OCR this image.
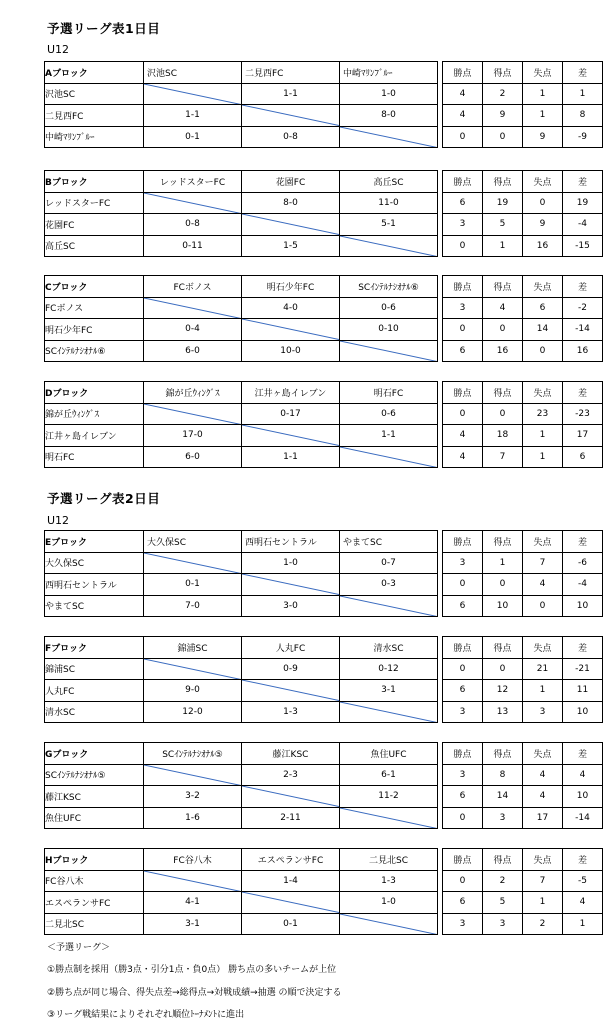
予選リーグ表1日目
U12
Aブロック	沢池SC	二見西FC	中崎ﾏﾘﾝﾌﾞﾙｰ		勝点	得点	失点	差
沢池SC		1-1	1-0		4	2	1	1
二見西FC	1-1		8-0		4	9	1	8
中崎ﾏﾘﾝﾌﾞﾙｰ	0-1	0-8			0	0	9	-9
Bブロック	レッドスターFC	花園FC	高丘SC		勝点	得点	失点	差
レッドスターFC		8-0	11-0		6	19	0	19
花園FC	0-8		5-1		3	5	9	-4
高丘SC	0-11	1-5			0	1	16	-15
Cブロック	FCボノス	明石少年FC	SCｲﾝﾃﾙﾅｼｵﾅﾙ⑥		勝点	得点	失点	差
FCボノス		4-0	0-6		3	4	6	-2
明石少年FC	0-4		0-10		0	0	14	-14
SCｲﾝﾃﾙﾅｼｵﾅﾙ⑥	6-0	10-0			6	16	0	16
Dブロック	錦が丘ｳｨﾝｸﾞｽ	江井ヶ島イレブン	明石FC		勝点	得点	失点	差
錦が丘ｳｨﾝｸﾞｽ		0-17	0-6		0	0	23	-23
江井ヶ島イレブン	17-0		1-1		4	18	1	17
明石FC	6-0	1-1			4	7	1	6
予選リーグ表2日目
U12
Eブロック	大久保SC	西明石セントラル	やまてSC		勝点	得点	失点	差
大久保SC		1-0	0-7		3	1	7	-6
西明石セントラル	0-1		0-3		0	0	4	-4
やまてSC	7-0	3-0			6	10	0	10
Fブロック	錦浦SC	人丸FC	清水SC		勝点	得点	失点	差
錦浦SC		0-9	0-12		0	0	21	-21
人丸FC	9-0		3-1		6	12	1	11
清水SC	12-0	1-3			3	13	3	10
Gブロック	SCｲﾝﾃﾙﾅｼｵﾅﾙ⑤	藤江KSC	魚住UFC		勝点	得点	失点	差
SCｲﾝﾃﾙﾅｼｵﾅﾙ⑤		2-3	6-1		3	8	4	4
藤江KSC	3-2		11-2		6	14	4	10
魚住UFC	1-6	2-11			0	3	17	-14
Hブロック	FC谷八木	エスペランサFC	二見北SC		勝点	得点	失点	差
FC谷八木		1-4	1-3		0	2	7	-5
エスペランサFC	4-1		1-0		6	5	1	4
二見北SC	3-1	0-1			3	3	2	1
＜予選リーグ＞
①勝点制を採用（勝3点・引分1点・負0点） 勝ち点の多いチームが上位
②勝ち点が同じ場合、得失点差→総得点→対戦成績→抽選 の順で決定する
③リーグ戦結果によりそれぞれ順位ﾄｰﾅﾒﾝﾄに進出
